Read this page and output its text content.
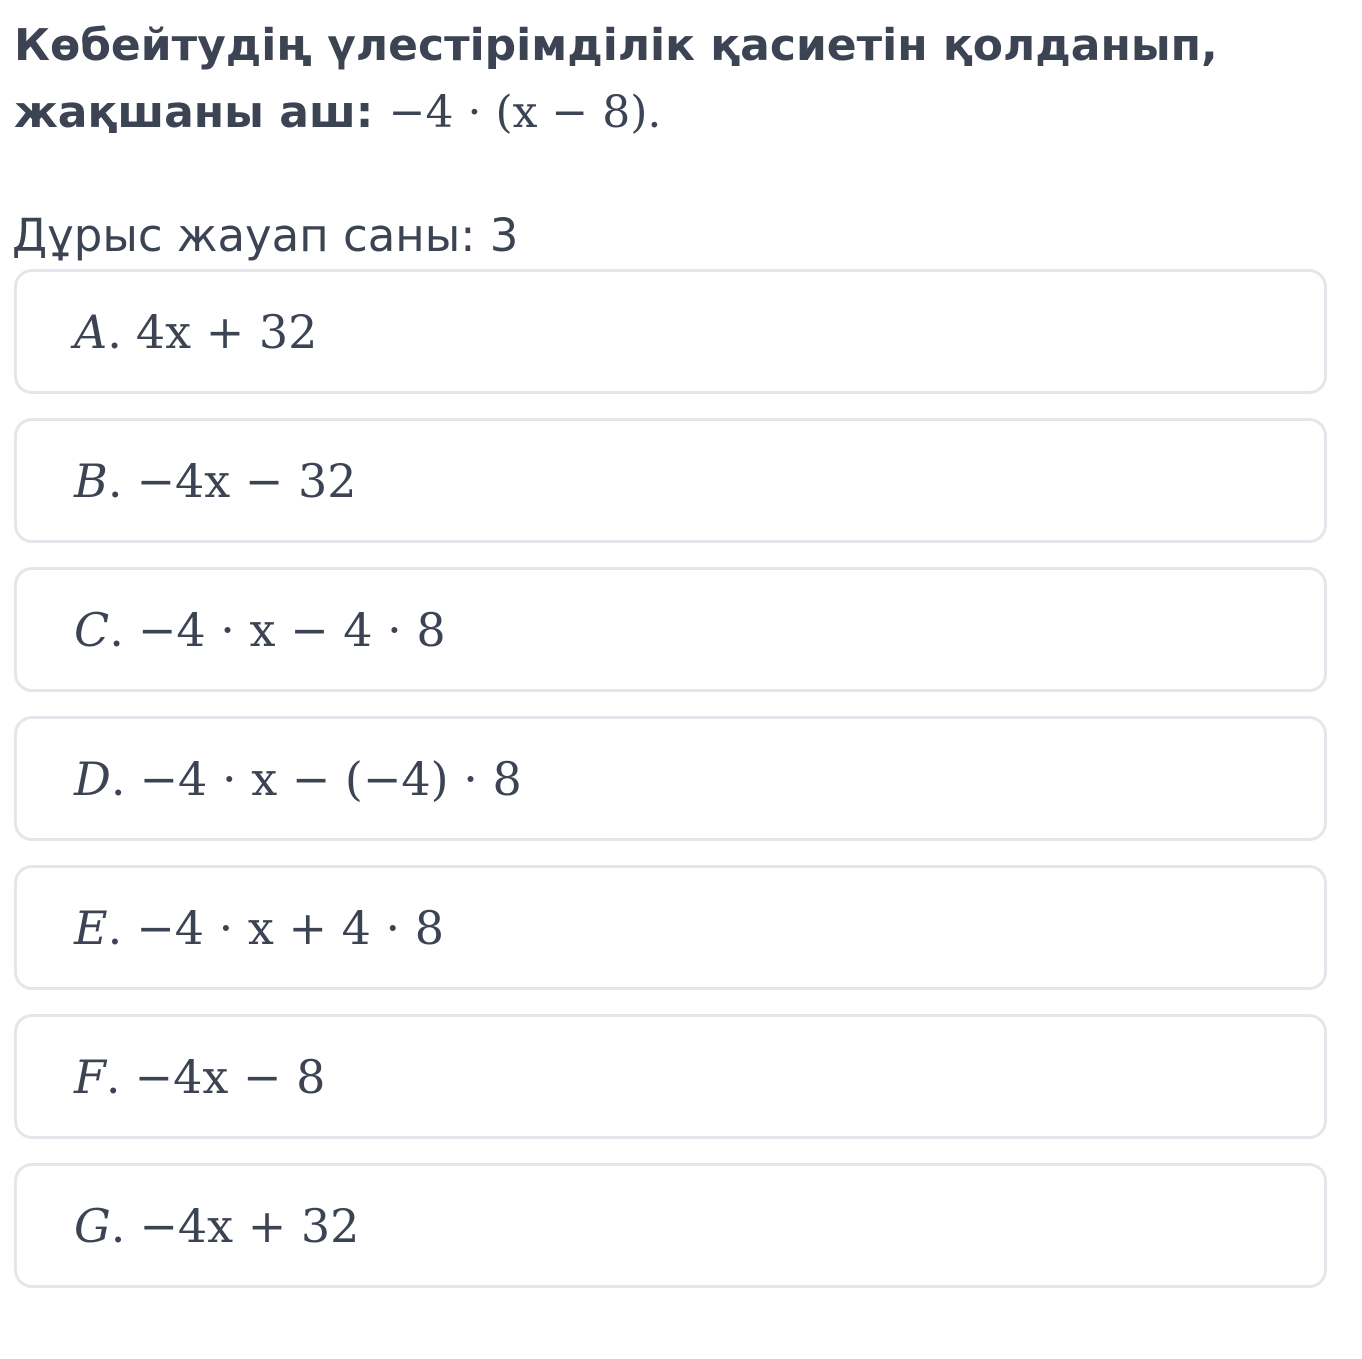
Көбейтудің үлестірімділік қасиетін қолданып,
жақшаны аш: −4 · (x − 8).
Дұрыс жауап саны: 3
A . 4x + 32
B . −4x − 32
C . −4 · x − 4 · 8
D . −4 · x − (−4) · 8
E . −4 · x + 4 · 8
F . −4x − 8
G . −4x + 32
